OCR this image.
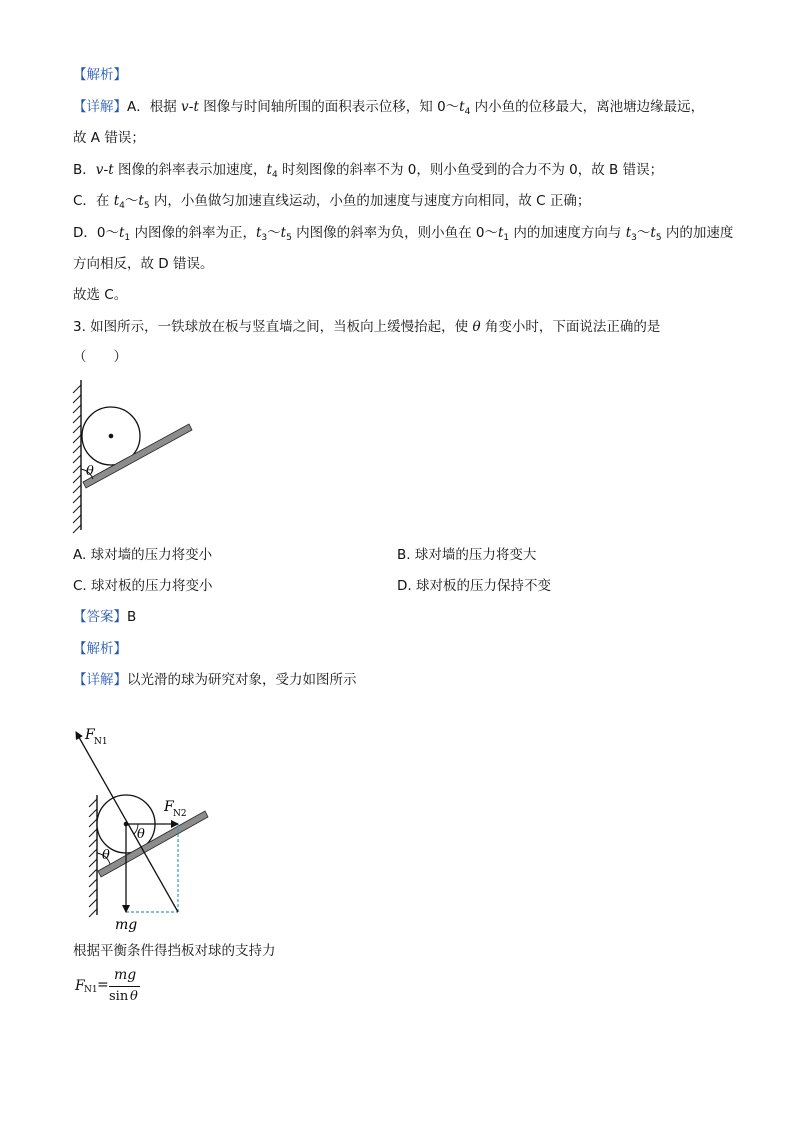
【解析】
【详解】A．根据 v-t 图像与时间轴所围的面积表示位移，知 $0\sim t_4$ 内小鱼的位移最大，离池塘边缘最远，
故 A 错误；
B．v-t 图像的斜率表示加速度，$t_4$ 时刻图像的斜率不为 0，则小鱼受到的合力不为 0，故 B 错误；
C．在 $t_4\sim t_5$ 内，小鱼做匀加速直线运动，小鱼的加速度与速度方向相同，故 C 正确；
D．$0\sim t_1$ 内图像的斜率为正，$t_3\sim t_5$ 内图像的斜率为负，则小鱼在 $0\sim t_1$ 内的加速度方向与 $t_3\sim t_5$ 内的加速度
方向相反，故 D 错误。
故选 C。
3. 如图所示，一铁球放在板与竖直墙之间，当板向上缓慢抬起，使 θ 角变小时，下面说法正确的是
（　　）
【答案】B
【解析】
【详解】以光滑的球为研究对象，受力如图所示
根据平衡条件得挡板对球的支持力
A. 球对墙的压力将变小	B. 球对墙的压力将变大
C. 球对板的压力将变小	D. 球对板的压力保持不变
θ
F N1
F N2
θ
θ
mg
F N1 =
mg
sin θ
